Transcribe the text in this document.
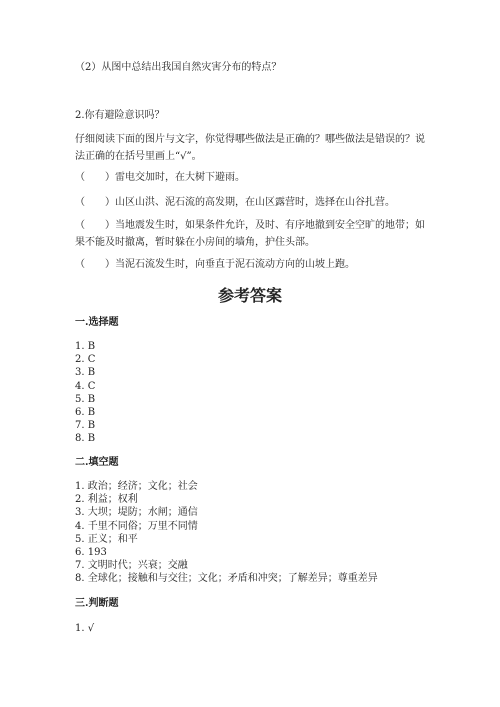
（2）从图中总结出我国自然灾害分布的特点？
2.你有避险意识吗？
仔细阅读下面的图片与文字，你觉得哪些做法是正确的？哪些做法是错误的？说法正确的在括号里画上“√”。
（　　）雷电交加时，在大树下避雨。
（　　）山区山洪、泥石流的高发期，在山区露营时，选择在山谷扎营。
（　　）当地震发生时，如果条件允许，及时、有序地撤到安全空旷的地带；如果不能及时撤离，暂时躲在小房间的墙角，护住头部。
（　　）当泥石流发生时，向垂直于泥石流动方向的山坡上跑。
参考答案
一.选择题
1. B
2. C
3. B
4. C
5. B
6. B
7. B
8. B
二.填空题
1. 政治；经济；文化；社会
2. 利益；权利
3. 大坝；堤防；水闸；通信
4. 千里不同俗；万里不同情
5. 正义；和平
6. 193
7. 文明时代；兴衰；交融
8. 全球化；接触和与交往；文化；矛盾和冲突；了解差异；尊重差异
三.判断题
1. √
